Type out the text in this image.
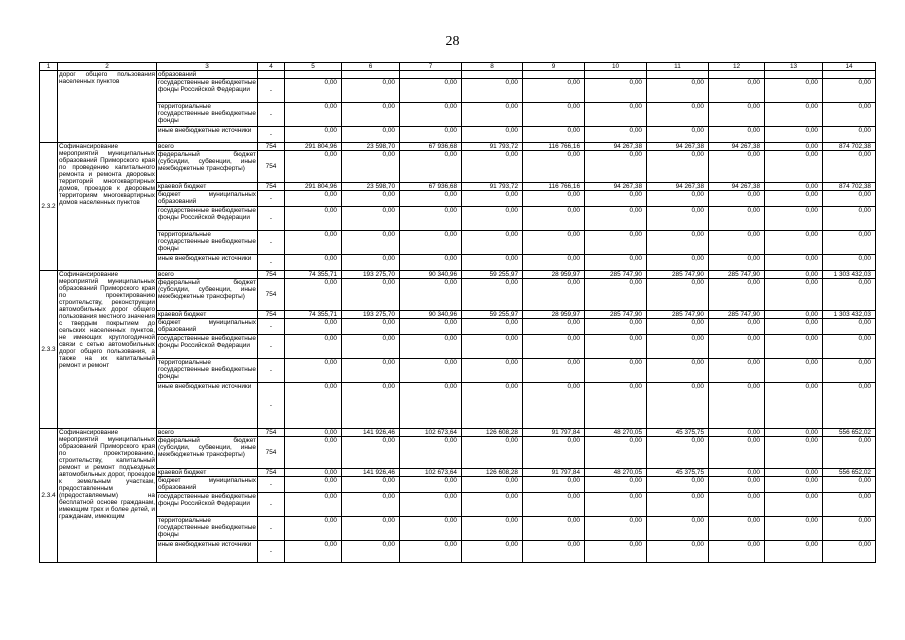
28
1	2	3	4	5	6	7	8	9	10	11	12	13	14
	дорог общего пользования населенных пунктов	образований											
		государственные внебюджетные фонды Российской Федерации	-	0,00	0,00	0,00	0,00	0,00	0,00	0,00	0,00	0,00	0,00
		территориальные государственные внебюджетные фонды	-	0,00	0,00	0,00	0,00	0,00	0,00	0,00	0,00	0,00	0,00
		иные внебюджетные источники	-	0,00	0,00	0,00	0,00	0,00	0,00	0,00	0,00	0,00	0,00
2.3.2	Софинансирование мероприятий муниципальных образований Приморского края по проведению капитального ремонта и ремонта дворовых территорий многоквартирных домов, проездов к дворовым территориям многоквартирных домов населенных пунктов	всего	754	291 804,96	23 598,70	67 936,68	91 793,72	116 766,16	94 267,38	94 267,38	94 267,38	0,00	874 702,38
		федеральный бюджет (субсидии, субвенции, иные межбюджетные трансферты)	754	0,00	0,00	0,00	0,00	0,00	0,00	0,00	0,00	0,00	0,00
		краевой бюджет	754	291 804,96	23 598,70	67 936,68	91 793,72	116 766,16	94 267,38	94 267,38	94 267,38	0,00	874 702,38
		бюджет муниципальных образований	-	0,00	0,00	0,00	0,00	0,00	0,00	0,00	0,00	0,00	0,00
		государственные внебюджетные фонды Российской Федерации	-	0,00	0,00	0,00	0,00	0,00	0,00	0,00	0,00	0,00	0,00
		территориальные государственные внебюджетные фонды	-	0,00	0,00	0,00	0,00	0,00	0,00	0,00	0,00	0,00	0,00
		иные внебюджетные источники	-	0,00	0,00	0,00	0,00	0,00	0,00	0,00	0,00	0,00	0,00
2.3.3	Софинансирование мероприятий муниципальных образований Приморского края по проектированию строительству, реконструкции автомобильных дорог общего пользования местного значения с твердым покрытием до сельских населенных пунктов, не имеющих круглогодичной связи с сетью автомобильных дорог общего пользования, а также на их капитальный ремонт и ремонт	всего	754	74 355,71	193 275,70	90 340,96	59 255,97	28 959,97	285 747,90	285 747,90	285 747,90	0,00	1 303 432,03
		федеральный бюджет (субсидии, субвенции, иные межбюджетные трансферты)	754	0,00	0,00	0,00	0,00	0,00	0,00	0,00	0,00	0,00	0,00
		краевой бюджет	754	74 355,71	193 275,70	90 340,96	59 255,97	28 959,97	285 747,90	285 747,90	285 747,90	0,00	1 303 432,03
		бюджет муниципальных образований	-	0,00	0,00	0,00	0,00	0,00	0,00	0,00	0,00	0,00	0,00
		государственные внебюджетные фонды Российской Федерации	-	0,00	0,00	0,00	0,00	0,00	0,00	0,00	0,00	0,00	0,00
		территориальные государственные внебюджетные фонды	-	0,00	0,00	0,00	0,00	0,00	0,00	0,00	0,00	0,00	0,00
		иные внебюджетные источники	-	0,00	0,00	0,00	0,00	0,00	0,00	0,00	0,00	0,00	0,00
2.3.4	Софинансирование мероприятий муниципальных образований Приморского края по проектированию, строительству, капитальный ремонт и ремонт подъездных автомобильных дорог, проездов к земельным участкам, предоставленным (предоставляемым) на бесплатной основе гражданам, имеющим трех и более детей, и гражданам, имеющим	всего	754	0,00	141 926,46	102 673,64	126 608,28	91 797,84	48 270,05	45 375,75	0,00	0,00	556 652,02
		федеральный бюджет (субсидии, субвенции, иные межбюджетные трансферты)	754	0,00	0,00	0,00	0,00	0,00	0,00	0,00	0,00	0,00	0,00
		краевой бюджет	754	0,00	141 926,46	102 673,64	126 608,28	91 797,84	48 270,05	45 375,75	0,00	0,00	556 652,02
		бюджет муниципальных образований	-	0,00	0,00	0,00	0,00	0,00	0,00	0,00	0,00	0,00	0,00
		государственные внебюджетные фонды Российской Федерации	-	0,00	0,00	0,00	0,00	0,00	0,00	0,00	0,00	0,00	0,00
		территориальные государственные внебюджетные фонды	-	0,00	0,00	0,00	0,00	0,00	0,00	0,00	0,00	0,00	0,00
		иные внебюджетные источники	-	0,00	0,00	0,00	0,00	0,00	0,00	0,00	0,00	0,00	0,00
